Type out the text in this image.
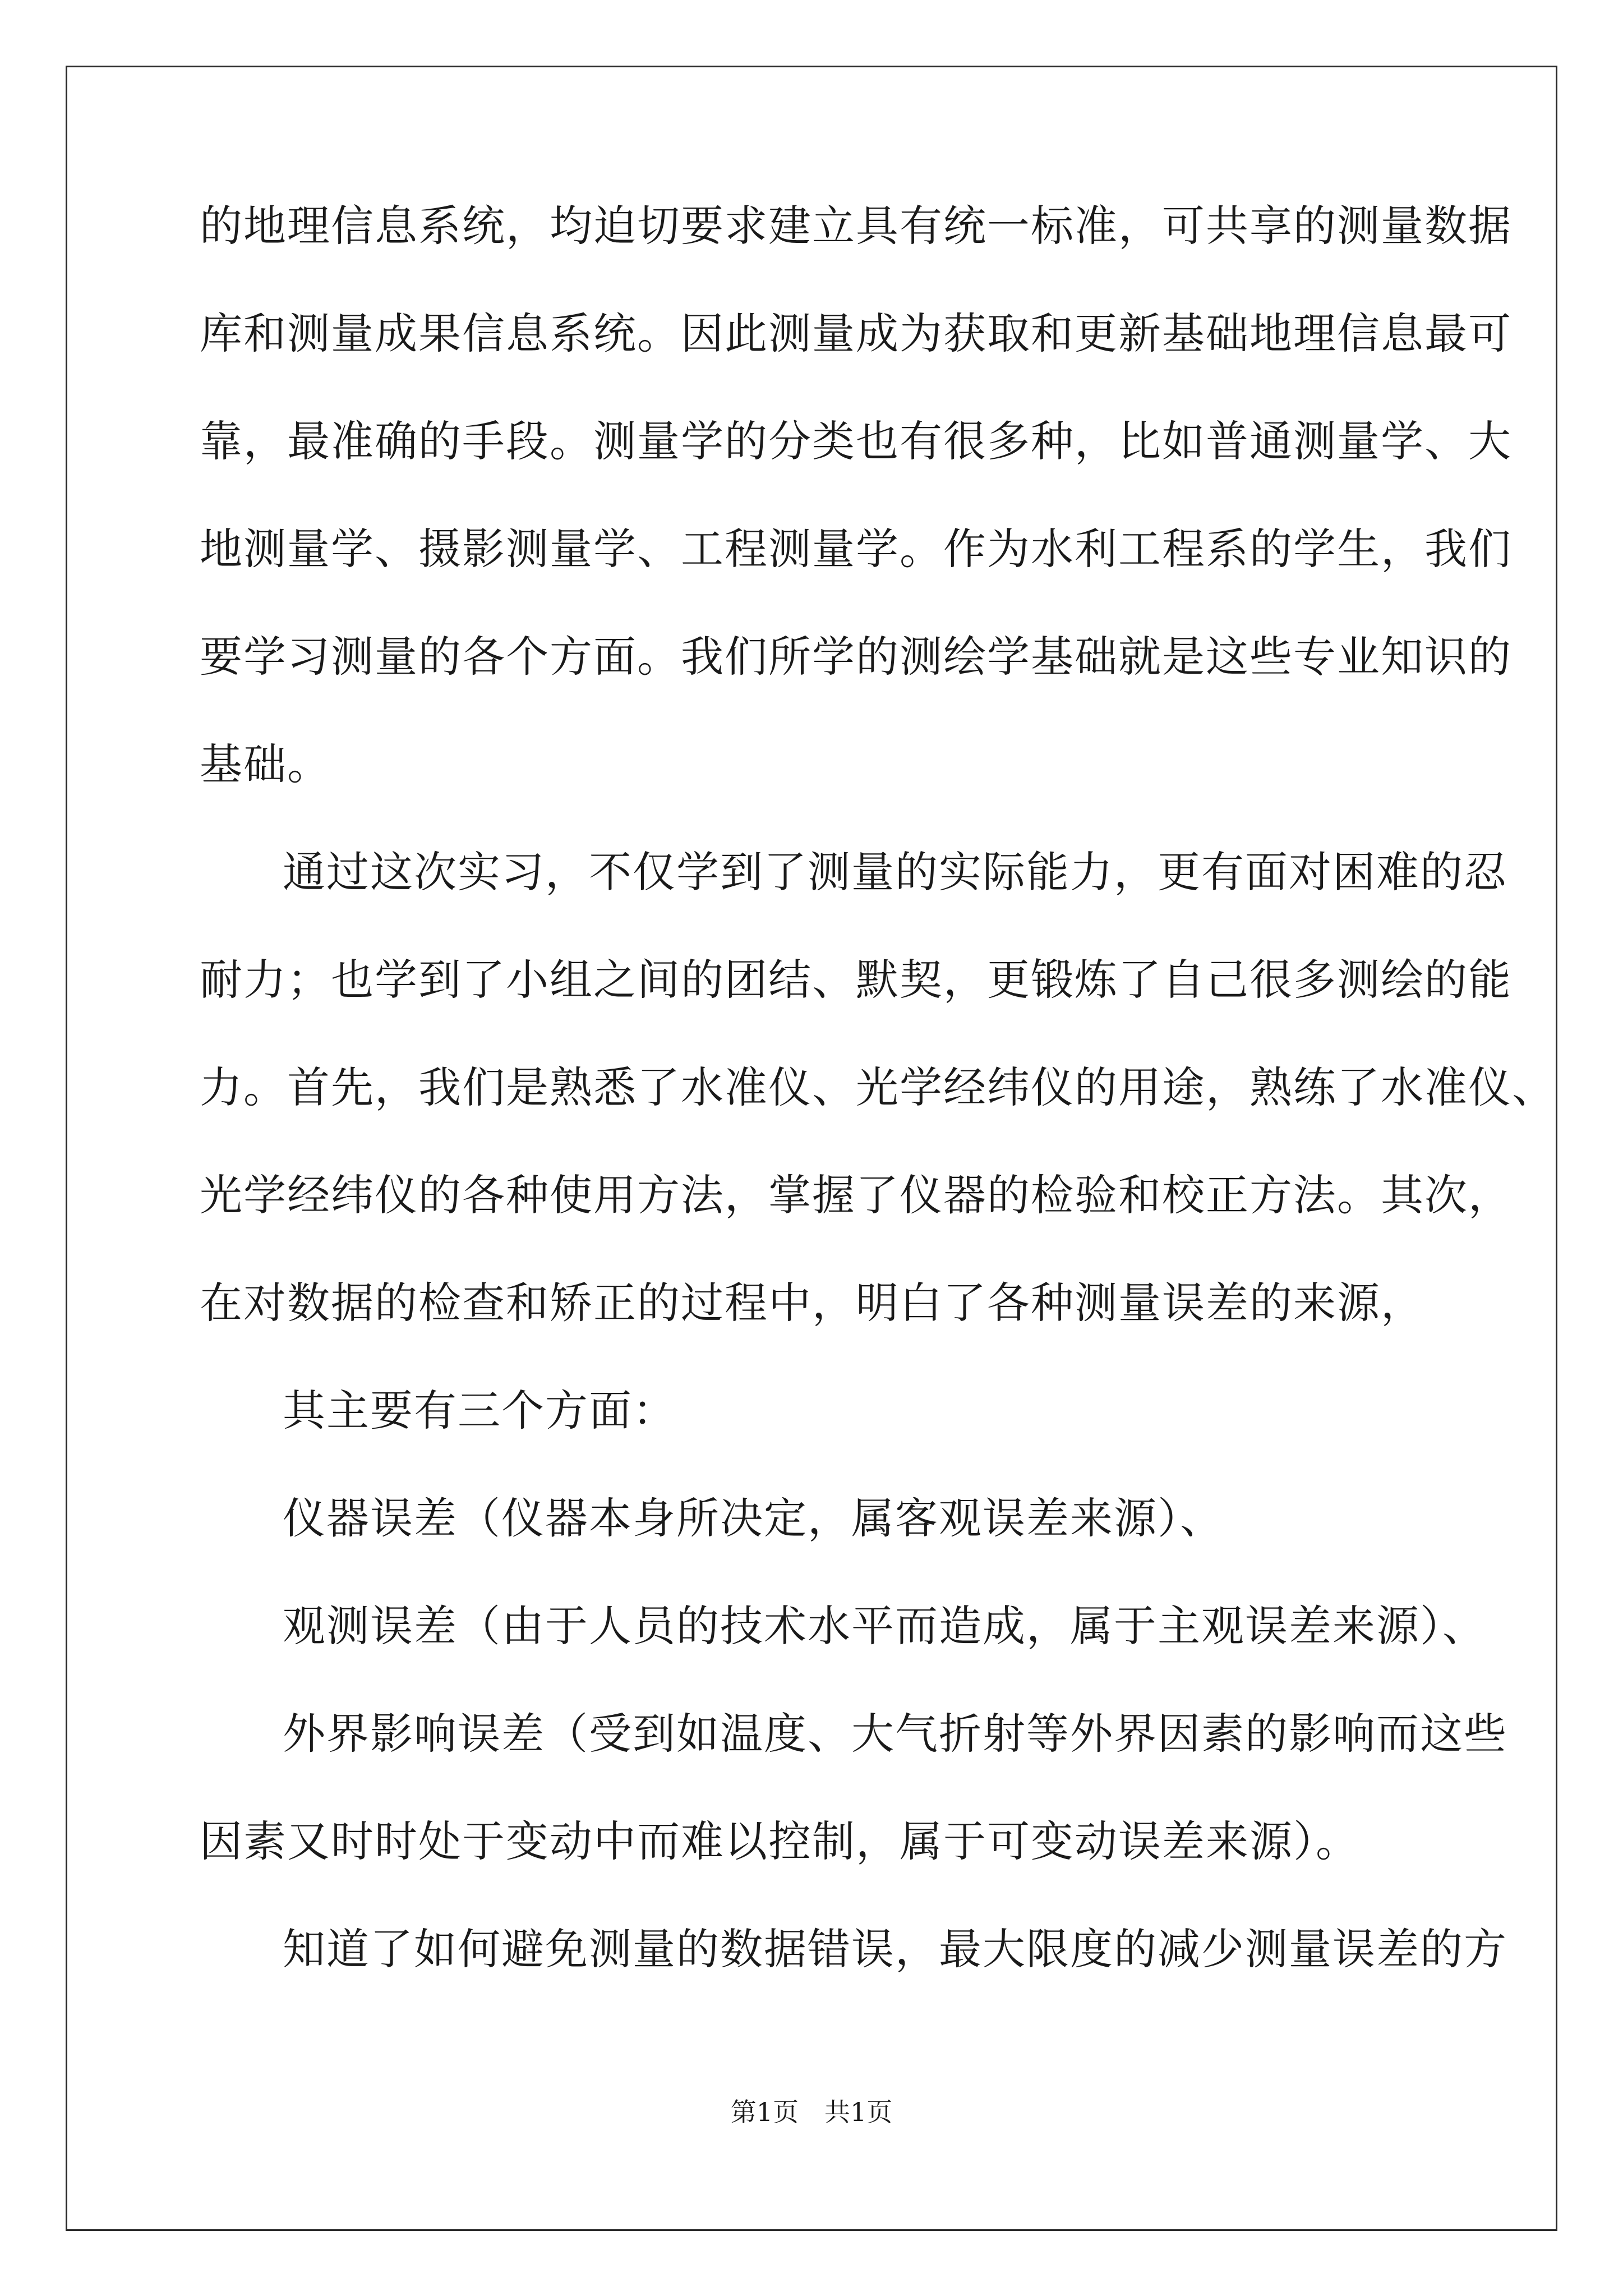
的地理信息系统，均迫切要求建立具有统一标准，可共享的测量数据
库和测量成果信息系统。因此测量成为获取和更新基础地理信息最可
靠，最准确的手段。测量学的分类也有很多种，比如普通测量学、大
地测量学、摄影测量学、工程测量学。作为水利工程系的学生，我们
要学习测量的各个方面。我们所学的测绘学基础就是这些专业知识的
基础。
通过这次实习，不仅学到了测量的实际能力，更有面对困难的忍
耐力；也学到了小组之间的团结、默契，更锻炼了自己很多测绘的能
力。首先，我们是熟悉了水准仪、光学经纬仪的用途，熟练了水准仪、
光学经纬仪的各种使用方法，掌握了仪器的检验和校正方法。其次，
在对数据的检查和矫正的过程中，明白了各种测量误差的来源，
其主要有三个方面：
仪器误差（仪器本身所决定，属客观误差来源）、
观测误差（由于人员的技术水平而造成，属于主观误差来源）、
外界影响误差（受到如温度、大气折射等外界因素的影响而这些
因素又时时处于变动中而难以控制，属于可变动误差来源）。
知道了如何避免测量的数据错误，最大限度的减少测量误差的方
第1页　共1页
